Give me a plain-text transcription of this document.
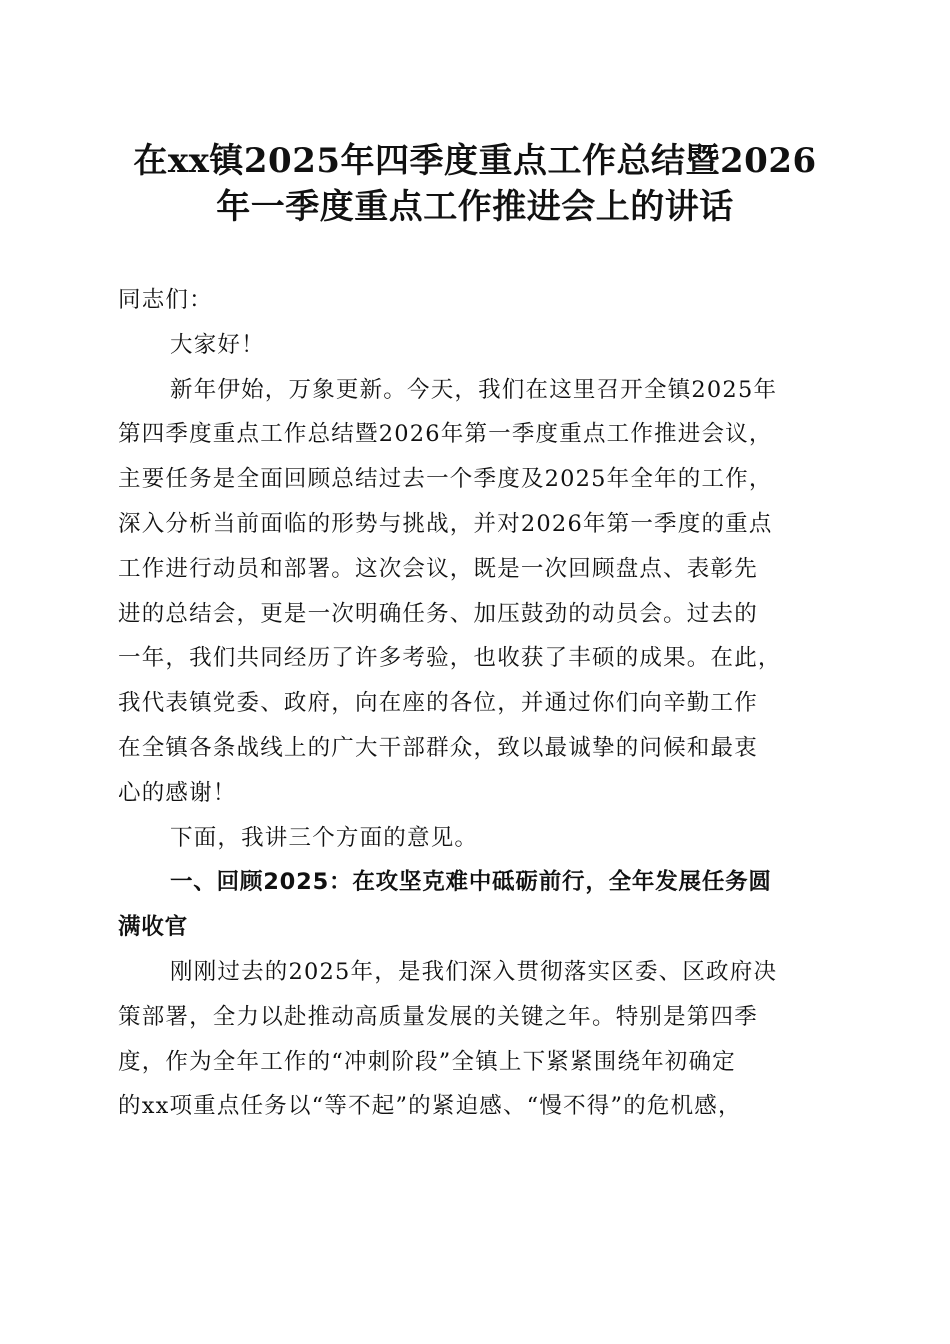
在xx镇2025年四季度重点工作总结暨2026
年一季度重点工作推进会上的讲话
同志们：
大家好！
新年伊始，万象更新。今天，我们在这里召开全镇2025年
第四季度重点工作总结暨2026年第一季度重点工作推进会议，
主要任务是全面回顾总结过去一个季度及2025年全年的工作，
深入分析当前面临的形势与挑战，并对2026年第一季度的重点
工作进行动员和部署。这次会议，既是一次回顾盘点、表彰先
进的总结会，更是一次明确任务、加压鼓劲的动员会。过去的
一年，我们共同经历了许多考验，也收获了丰硕的成果。在此，
我代表镇党委、政府，向在座的各位，并通过你们向辛勤工作
在全镇各条战线上的广大干部群众，致以最诚挚的问候和最衷
心的感谢！
下面，我讲三个方面的意见。
一、回顾2025：在攻坚克难中砥砺前行，全年发展任务圆
满收官
刚刚过去的2025年，是我们深入贯彻落实区委、区政府决
策部署，全力以赴推动高质量发展的关键之年。特别是第四季
度，作为全年工作的“冲刺阶段”全镇上下紧紧围绕年初确定
的xx项重点任务以“等不起”的紧迫感、“慢不得”的危机感，
